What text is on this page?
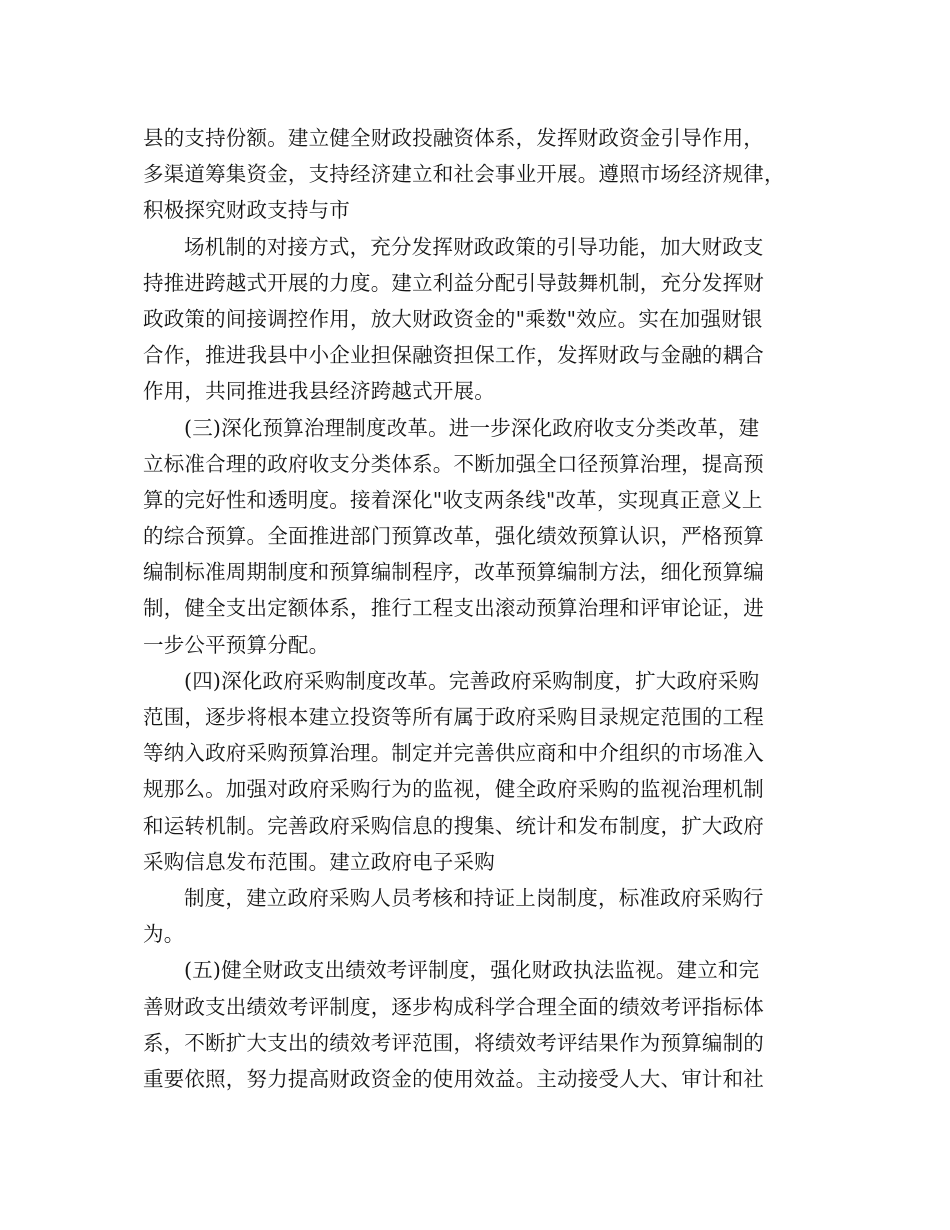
县的支持份额。建立健全财政投融资体系，发挥财政资金引导作用，
多渠道筹集资金，支持经济建立和社会事业开展。遵照市场经济规律，
积极探究财政支持与市
场机制的对接方式，充分发挥财政政策的引导功能，加大财政支
持推进跨越式开展的力度。建立利益分配引导鼓舞机制，充分发挥财
政政策的间接调控作用，放大财政资金的"乘数"效应。实在加强财银
合作，推进我县中小企业担保融资担保工作，发挥财政与金融的耦合
作用，共同推进我县经济跨越式开展。
(三)深化预算治理制度改革。进一步深化政府收支分类改革，建
立标准合理的政府收支分类体系。不断加强全口径预算治理，提高预
算的完好性和透明度。接着深化"收支两条线"改革，实现真正意义上
的综合预算。全面推进部门预算改革，强化绩效预算认识，严格预算
编制标准周期制度和预算编制程序，改革预算编制方法，细化预算编
制，健全支出定额体系，推行工程支出滚动预算治理和评审论证，进
一步公平预算分配。
(四)深化政府采购制度改革。完善政府采购制度，扩大政府采购
范围，逐步将根本建立投资等所有属于政府采购目录规定范围的工程
等纳入政府采购预算治理。制定并完善供应商和中介组织的市场准入
规那么。加强对政府采购行为的监视，健全政府采购的监视治理机制
和运转机制。完善政府采购信息的搜集、统计和发布制度，扩大政府
采购信息发布范围。建立政府电子采购
制度，建立政府采购人员考核和持证上岗制度，标准政府采购行
为。
(五)健全财政支出绩效考评制度，强化财政执法监视。建立和完
善财政支出绩效考评制度，逐步构成科学合理全面的绩效考评指标体
系，不断扩大支出的绩效考评范围，将绩效考评结果作为预算编制的
重要依照，努力提高财政资金的使用效益。主动接受人大、审计和社
